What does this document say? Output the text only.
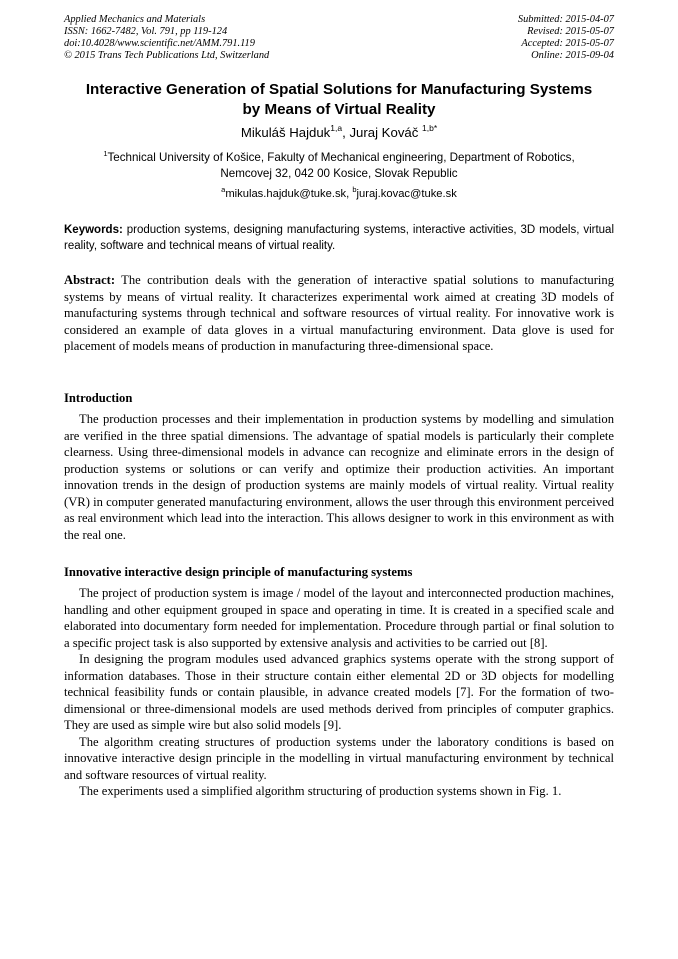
Applied Mechanics and Materials
ISSN: 1662-7482, Vol. 791, pp 119-124
doi:10.4028/www.scientific.net/AMM.791.119
© 2015 Trans Tech Publications Ltd, Switzerland
Submitted: 2015-04-07
Revised: 2015-05-07
Accepted: 2015-05-07
Online: 2015-09-04
Interactive Generation of Spatial Solutions for Manufacturing Systems
by Means of Virtual Reality
Mikuláš Hajduk$^{1,a}$, Juraj Kováč $^{1,b*}$
$^1$Technical University of Košice, Fakulty of Mechanical engineering, Department of Robotics,
Nemcovej 32, 042 00 Kosice, Slovak Republic
$^a$mikulas.hajduk@tuke.sk, $^b$juraj.kovac@tuke.sk
Keywords: production systems, designing manufacturing systems, interactive activities, 3D models, virtual reality, software and technical means of virtual reality.
Abstract: The contribution deals with the generation of interactive spatial solutions to manufacturing systems by means of virtual reality. It characterizes experimental work aimed at creating 3D models of manufacturing systems through technical and software resources of virtual reality. For innovative work is considered an example of data gloves in a virtual manufacturing environment. Data glove is used for placement of models means of production in manufacturing three-dimensional space.
Introduction

The production processes and their implementation in production systems by modelling and simulation are verified in the three spatial dimensions. The advantage of spatial models is particularly their complete clearness. Using three-dimensional models in advance can recognize and eliminate errors in the design of production systems or solutions or can verify and optimize their production activities. An important innovation trends in the design of production systems are mainly models of virtual reality. Virtual reality (VR) in computer generated manufacturing environment, allows the user through this environment perceived as real environment which lead into the interaction. This allows designer to work in this environment as with the real one.

Innovative interactive design principle of manufacturing systems

The project of production system is image / model of the layout and interconnected production machines, handling and other equipment grouped in space and operating in time. It is created in a specified scale and elaborated into documentary form needed for implementation. Procedure through partial or final solution to a specific project task is also supported by extensive analysis and activities to be carried out [8].

In designing the program modules used advanced graphics systems operate with the strong support of information databases. Those in their structure contain either elemental 2D or 3D objects for modelling technical feasibility funds or contain plausible, in advance created models [7]. For the formation of two-dimensional or three-dimensional models are used methods derived from principles of computer graphics. They are used as simple wire but also solid models [9].

The algorithm creating structures of production systems under the laboratory conditions is based on innovative interactive design principle in the modelling in virtual manufacturing environment by technical and software resources of virtual reality.

The experiments used a simplified algorithm structuring of production systems shown in Fig. 1.
